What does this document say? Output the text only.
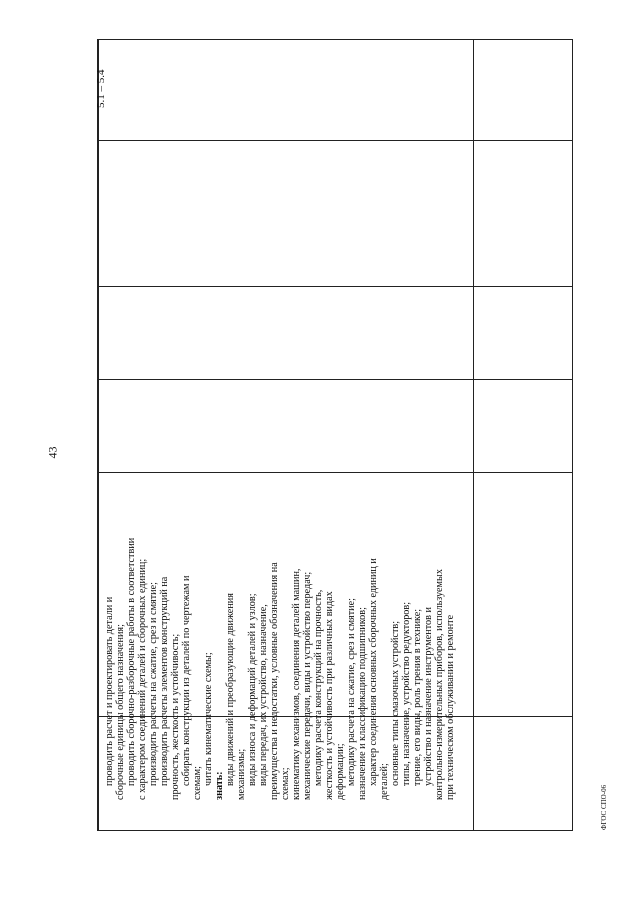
43
проводить расчет и проектировать детали и сборочные единицы общего назначения; проводить сборочно-разборочные работы в соответствии с характером соединений деталей и сборочных единиц; производить расчеты на сжатие, срез и смятие; производить расчеты элементов конструкций на прочность, жесткость и устойчивость; собирать конструкции из деталей по чертежам и схемам; читать кинематические схемы; знать: виды движений и преобразующие движения механизмы; виды износа и деформаций деталей и узлов; виды передач, их устройство, назначение, преимущества и недостатки, условные обозначения на схемах; кинематику механизмов, соединения деталей машин, механические передачи, виды и устройство передач; методику расчета конструкций на прочность, жесткость и устойчивость при различных видах деформации; методику расчета на сжатие, срез и смятие; назначение и классификацию подшипников; характер соединения основных сборочных единиц и деталей; основные типы смазочных устройств; типы, назначение, устройство редукторов; трение, его виды, роль трения в технике; устройство и назначение инструментов и контрольно-измерительных приборов, используемых при техническом обслуживании и ремонте
5.1 – 5.4
ФГОС СПО-06
